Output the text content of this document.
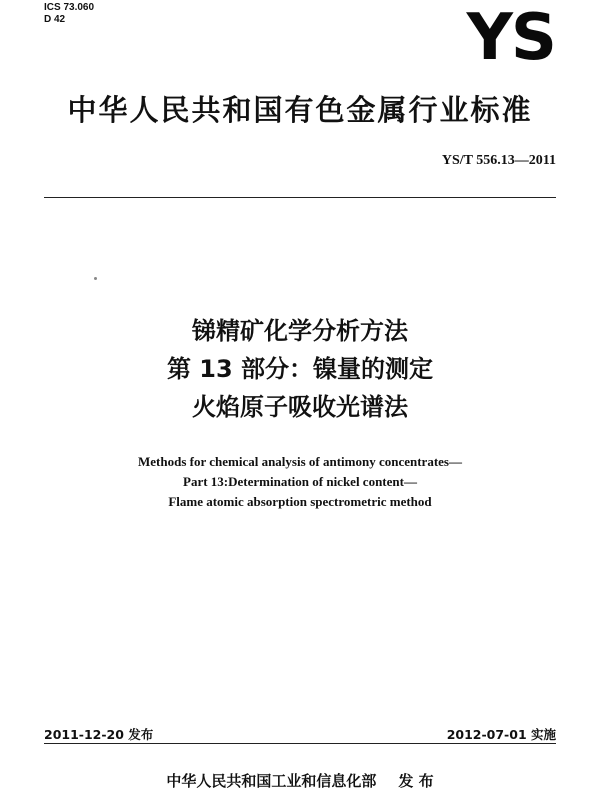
ICS 73.060
D 42	YS
中华人民共和国有色金属行业标准
YS/T 556.13—2011
锑精矿化学分析方法
第 13 部分：镍量的测定
火焰原子吸收光谱法
Methods for chemical analysis of antimony concentrates—
Part 13:Determination of nickel content—
Flame atomic absorption spectrometric method
2011-12-20 发布	2012-07-01 实施
中华人民共和国工业和信息化部 发 布
